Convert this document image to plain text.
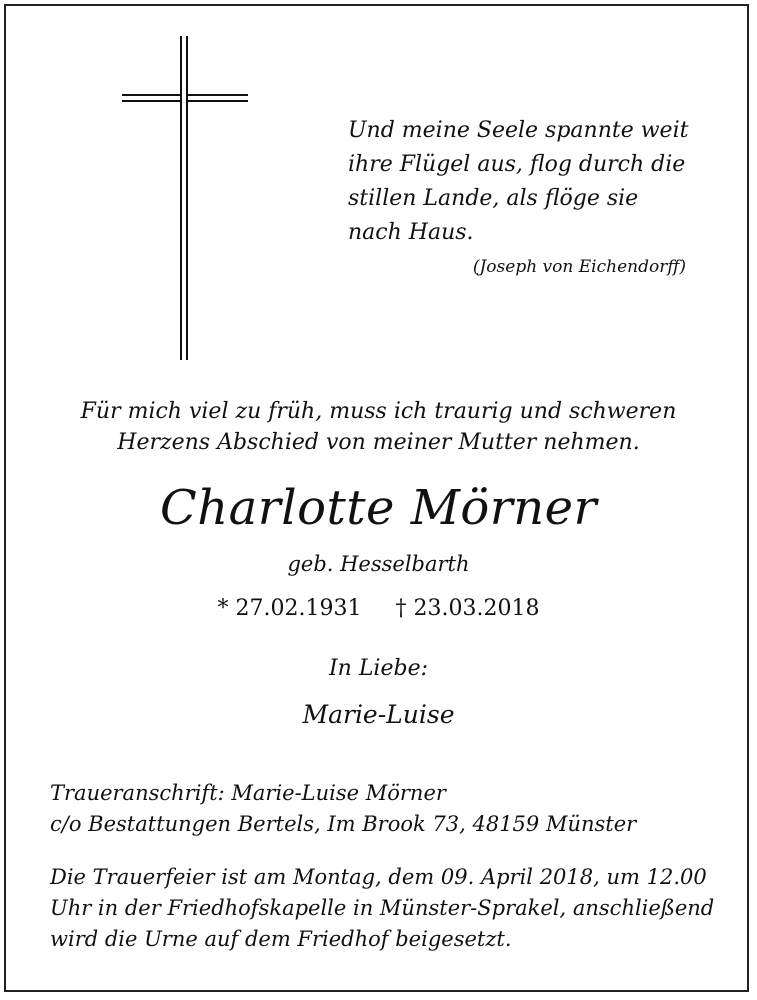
Und meine Seele spannte weit
ihre Flügel aus, flog durch die
stillen Lande, als flöge sie
nach Haus.
(Joseph von Eichendorff)
Für mich viel zu früh, muss ich traurig und schweren
Herzens Abschied von meiner Mutter nehmen.
Charlotte Mörner
geb. Hesselbarth
* 27.02.1931 † 23.03.2018
In Liebe:
Marie-Luise
Traueranschrift: Marie-Luise Mörner
c/o Bestattungen Bertels, Im Brook 73, 48159 Münster
Die Trauerfeier ist am Montag, dem 09. April 2018, um 12.00
Uhr in der Friedhofskapelle in Münster-Sprakel, anschließend
wird die Urne auf dem Friedhof beigesetzt.
